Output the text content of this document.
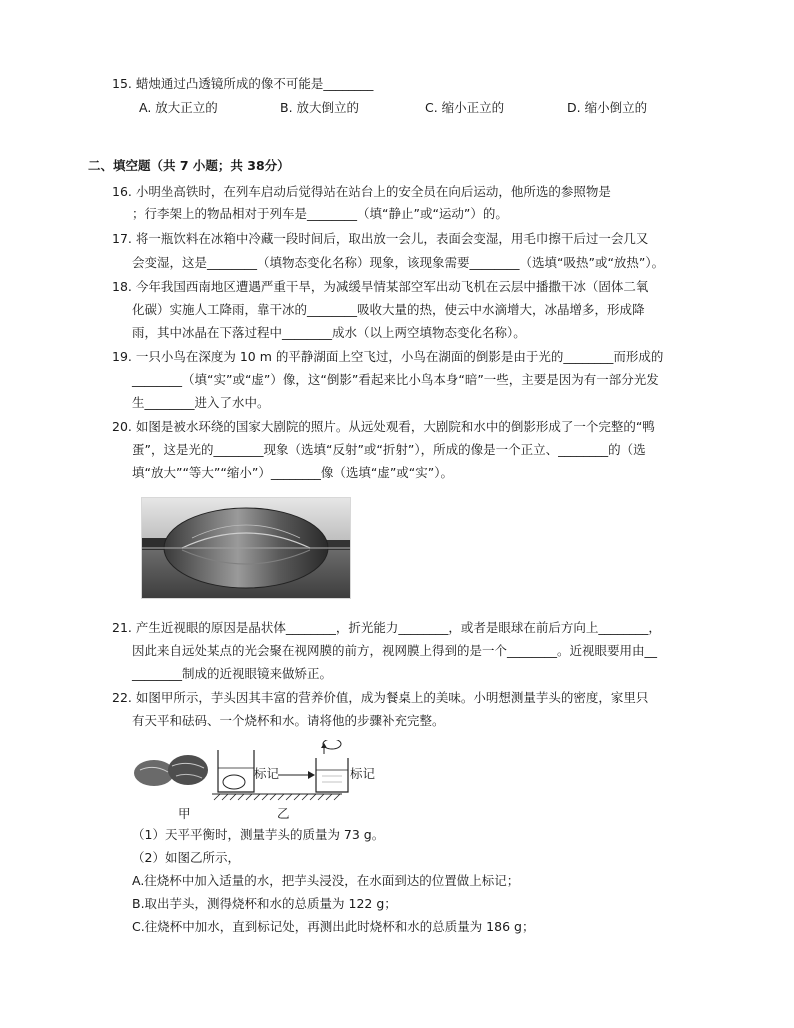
15. 蜡烛通过凸透镜所成的像不可能是________
A. 放大正立的	B. 放大倒立的	C. 缩小正立的	D. 缩小倒立的
二、填空题（共 7 小题；共 38分）
16. 小明坐高铁时，在列车启动后觉得站在站台上的安全员在向后运动，他所选的参照物是
；行李架上的物品相对于列车是________（填“静止”或“运动”）的。
17. 将一瓶饮料在冰箱中冷藏一段时间后，取出放一会儿，表面会变湿，用毛巾擦干后过一会几又
会变湿，这是________（填物态变化名称）现象，该现象需要________（选填“吸热”或“放热”）。
18. 今年我国西南地区遭遇严重干旱，为减缓旱情某部空军出动飞机在云层中播撒干冰（固体二氧
化碳）实施人工降雨，靠干冰的________吸收大量的热，使云中水滴增大，冰晶增多，形成降
雨，其中冰晶在下落过程中________成水（以上两空填物态变化名称）。
19. 一只小鸟在深度为 10 m 的平静湖面上空飞过，小鸟在湖面的倒影是由于光的________而形成的
________（填“实”或“虚”）像，这“倒影”看起来比小鸟本身“暗”一些，主要是因为有一部分光发
生________进入了水中。
20. 如图是被水环绕的国家大剧院的照片。从远处观看，大剧院和水中的倒影形成了一个完整的“鸭
蛋”，这是光的________现象（选填“反射”或“折射”），所成的像是一个正立、________的（选
填“放大”“等大”“缩小”）________像（选填“虚”或“实”）。
21. 产生近视眼的原因是晶状体________，折光能力________，或者是眼球在前后方向上________，
因此来自远处某点的光会聚在视网膜的前方，视网膜上得到的是一个________。近视眼要用由__
________制成的近视眼镜来做矫正。
22. 如图甲所示，芋头因其丰富的营养价值，成为餐桌上的美味。小明想测量芋头的密度，家里只
有天平和砝码、一个烧杯和水。请将他的步骤补充完整。
标记	标记
甲	乙
（1）天平平衡时，测量芋头的质量为 73 g。
（2）如图乙所示，
A.往烧杯中加入适量的水，把芋头浸没，在水面到达的位置做上标记；
B.取出芋头，测得烧杯和水的总质量为 122 g；
C.往烧杯中加水，直到标记处，再测出此时烧杯和水的总质量为 186 g；
